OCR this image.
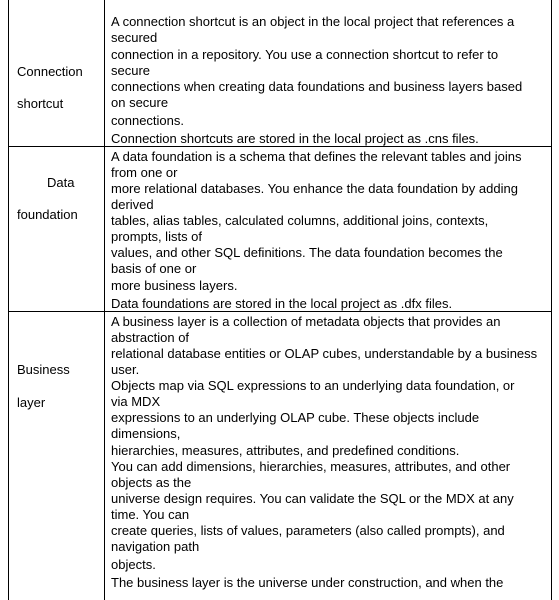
Connection
shortcut
A connection shortcut is an object in the local project that references a
secured
connection in a repository. You use a connection shortcut to refer to
secure
connections when creating data foundations and business layers based
on secure
connections.
Connection shortcuts are stored in the local project as .cns files.
Data
foundation
A data foundation is a schema that defines the relevant tables and joins
from one or
more relational databases. You enhance the data foundation by adding
derived
tables, alias tables, calculated columns, additional joins, contexts,
prompts, lists of
values, and other SQL definitions. The data foundation becomes the
basis of one or
more business layers.
Data foundations are stored in the local project as .dfx files.
Business
layer
A business layer is a collection of metadata objects that provides an
abstraction of
relational database entities or OLAP cubes, understandable by a business
user.
Objects map via SQL expressions to an underlying data foundation, or
via MDX
expressions to an underlying OLAP cube. These objects include
dimensions,
hierarchies, measures, attributes, and predefined conditions.
You can add dimensions, hierarchies, measures, attributes, and other
objects as the
universe design requires. You can validate the SQL or the MDX at any
time. You can
create queries, lists of values, parameters (also called prompts), and
navigation path
objects.
The business layer is the universe under construction, and when the
